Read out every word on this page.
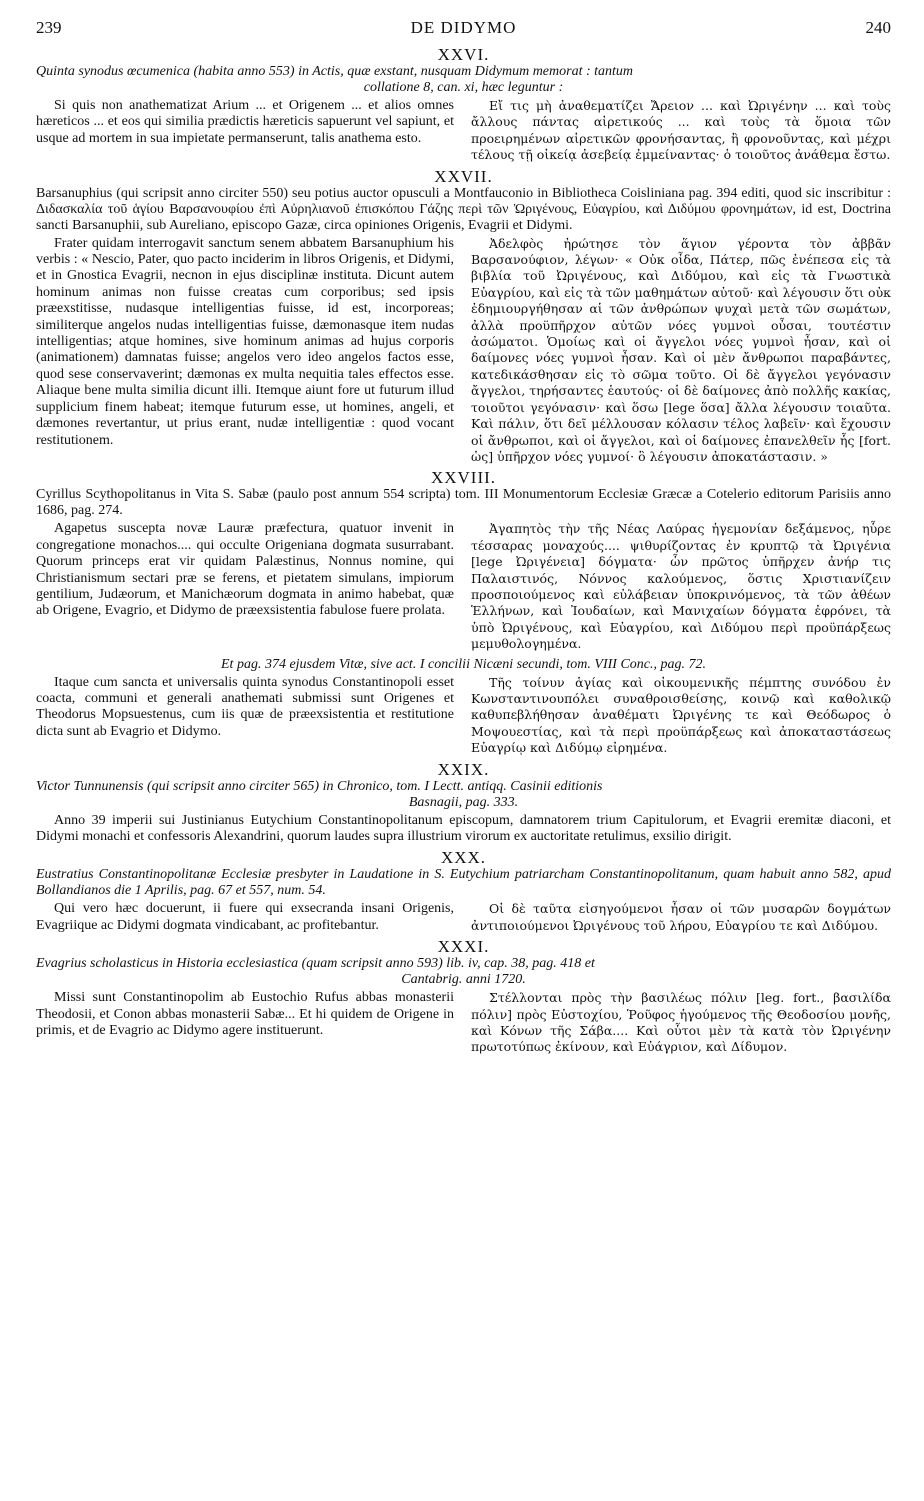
239	DE DIDYMO	240

XXVI.

Quinta synodus œcumenica (habita anno 553) in Actis, quæ exstant, nusquam Didymum memorat : tantum
collatione 8, can. xi, hæc leguntur :

Si quis non anathematizat Arium ... et Origenem ... et alios omnes hæreticos ... et eos qui similia prædictis hæreticis sapuerunt vel sapiunt, et usque ad mortem in sua impietate permanserunt, talis anathema esto.

Εἴ τις μὴ ἀναθεματίζει Ἄρειον ... καὶ Ὠριγένην ... καὶ τοὺς ἄλλους πάντας αἱρετικούς ... καὶ τοὺς τὰ ὅμοια τῶν προειρημένων αἱρετικῶν φρονήσαντας, ἢ φρονοῦντας, καὶ μέχρι τέλους τῇ οἰκείᾳ ἀσεβείᾳ ἐμμείναντας· ὁ τοιοῦτος ἀνάθεμα ἔστω.

XXVII.

Barsanuphius (qui scripsit anno circiter 550) seu potius auctor opusculi a Montfauconio in Bibliotheca Coisliniana pag. 394 editi, quod sic inscribitur : Διδασκαλία τοῦ ἁγίου Βαρσανουφίου ἐπὶ Αὐρηλιανοῦ ἐπισκόπου Γάζης περὶ τῶν Ὠριγένους, Εὐαγρίου, καὶ Διδύμου φρονημάτων, id est, Doctrina sancti Barsanuphii, sub Aureliano, episcopo Gazæ, circa opiniones Origenis, Evagrii et Didymi.

Frater quidam interrogavit sanctum senem abbatem Barsanuphium his verbis : « Nescio, Pater, quo pacto inciderim in libros Origenis, et Didymi, et in Gnostica Evagrii, necnon in ejus disciplinæ instituta. Dicunt autem hominum animas non fuisse creatas cum corporibus; sed ipsis præexstitisse, nudasque intelligentias fuisse, id est, incorporeas; similiterque angelos nudas intelligentias fuisse, dæmonasque item nudas intelligentias; atque homines, sive hominum animas ad hujus corporis (animationem) damnatas fuisse; angelos vero ideo angelos factos esse, quod sese conservaverint; dæmonas ex multa nequitia tales effectos esse. Aliaque bene multa similia dicunt illi. Itemque aiunt fore ut futurum illud supplicium finem habeat; itemque futurum esse, ut homines, angeli, et dæmones revertantur, ut prius erant, nudæ intelligentiæ : quod vocant restitutionem.

Ἀδελφὸς ἠρώτησε τὸν ἅγιον γέροντα τὸν ἀββᾶν Βαρσανούφιον, λέγων· « Οὐκ οἶδα, Πάτερ, πῶς ἐνέπεσα εἰς τὰ βιβλία τοῦ Ὠριγένους, καὶ Διδύμου, καὶ εἰς τὰ Γνωστικὰ Εὐαγρίου, καὶ εἰς τὰ τῶν μαθημάτων αὐτοῦ· καὶ λέγουσιν ὅτι οὐκ ἐδημιουργήθησαν αἱ τῶν ἀνθρώπων ψυχαὶ μετὰ τῶν σωμάτων, ἀλλὰ προϋπῆρχον αὐτῶν νόες γυμνοὶ οὖσαι, τουτέστιν ἀσώματοι. Ὁμοίως καὶ οἱ ἄγγελοι νόες γυμνοὶ ἦσαν, καὶ οἱ δαίμονες νόες γυμνοὶ ἦσαν. Καὶ οἱ μὲν ἄνθρωποι παραβάντες, κατεδικάσθησαν εἰς τὸ σῶμα τοῦτο. Οἱ δὲ ἄγγελοι γεγόνασιν ἄγγελοι, τηρήσαντες ἑαυτούς· οἱ δὲ δαίμονες ἀπὸ πολλῆς κακίας, τοιοῦτοι γεγόνασιν· καὶ ὅσω [lege ὅσα] ἄλλα λέγουσιν τοιαῦτα. Καὶ πάλιν, ὅτι δεῖ μέλλουσαν κόλασιν τέλος λαβεῖν· καὶ ἔχουσιν οἱ ἄνθρωποι, καὶ οἱ ἄγγελοι, καὶ οἱ δαίμονες ἐπανελθεῖν ἧς [fort. ὡς] ὑπῆρχον νόες γυμνοί· ὃ λέγουσιν ἀποκατάστασιν. »

XXVIII.

Cyrillus Scythopolitanus in Vita S. Sabæ (paulo post annum 554 scripta) tom. III Monumentorum Ecclesiæ Græcæ a Cotelerio editorum Parisiis anno 1686, pag. 274.

Agapetus suscepta novæ Lauræ præfectura, quatuor invenit in congregatione monachos.... qui occulte Origeniana dogmata susurrabant. Quorum princeps erat vir quidam Palæstinus, Nonnus nomine, qui Christianismum sectari præ se ferens, et pietatem simulans, impiorum gentilium, Judæorum, et Manichæorum dogmata in animo habebat, quæ ab Origene, Evagrio, et Didymo de præexsistentia fabulose fuere prolata.

Ἀγαπητὸς τὴν τῆς Νέας Λαύρας ἡγεμονίαν δεξάμενος, ηὗρε τέσσαρας μοναχούς.... ψιθυρίζοντας ἐν κρυπτῷ τὰ Ὠριγένια [lege Ὠριγένεια] δόγματα· ὧν πρῶτος ὑπῆρχεν ἀνήρ τις Παλαιστινός, Νόννος καλούμενος, ὅστις Χριστιανίζειν προσποιούμενος καὶ εὐλάβειαν ὑποκρινόμενος, τὰ τῶν ἀθέων Ἑλλήνων, καὶ Ἰουδαίων, καὶ Μανιχαίων δόγματα ἐφρόνει, τὰ ὑπὸ Ὠριγένους, καὶ Εὐαγρίου, καὶ Διδύμου περὶ προϋπάρξεως μεμυθολογημένα.

Et pag. 374 ejusdem Vitæ, sive act. I concilii Nicæni secundi, tom. VIII Conc., pag. 72.

Itaque cum sancta et universalis quinta synodus Constantinopoli esset coacta, communi et generali anathemati submissi sunt Origenes et Theodorus Mopsuestenus, cum iis quæ de præexsistentia et restitutione dicta sunt ab Evagrio et Didymo.

Τῆς τοίνυν ἁγίας καὶ οἰκουμενικῆς πέμπτης συνόδου ἐν Κωνσταντινουπόλει συναθροισθείσης, κοινῷ καὶ καθολικῷ καθυπεβλήθησαν ἀναθέματι Ὠριγένης τε καὶ Θεόδωρος ὁ Μοψουεστίας, καὶ τὰ περὶ προϋπάρξεως καὶ ἀποκαταστάσεως Εὐαγρίῳ καὶ Διδύμῳ εἰρημένα.

XXIX.

Victor Tunnunensis (qui scripsit anno circiter 565) in Chronico, tom. I Lectt. antiqq. Casinii editionis
Basnagii, pag. 333.

Anno 39 imperii sui Justinianus Eutychium Constantinopolitanum episcopum, damnatorem trium Capitulorum, et Evagrii eremitæ diaconi, et Didymi monachi et confessoris Alexandrini, quorum laudes supra illustrium virorum ex auctoritate retulimus, exsilio dirigit.

XXX.

Eustratius Constantinopolitanæ Ecclesiæ presbyter in Laudatione in S. Eutychium patriarcham Constantinopolitanum, quam habuit anno 582, apud Bollandianos die 1 Aprilis, pag. 67 et 557, num. 54.

Qui vero hæc docuerunt, ii fuere qui exsecranda insani Origenis, Evagriique ac Didymi dogmata vindicabant, ac profitebantur.

Οἱ δὲ ταῦτα εἰσηγούμενοι ἦσαν οἱ τῶν μυσαρῶν δογμάτων ἀντιποιούμενοι Ὠριγένους τοῦ λήρου, Εὐαγρίου τε καὶ Διδύμου.

XXXI.

Evagrius scholasticus in Historia ecclesiastica (quam scripsit anno 593) lib. iv, cap. 38, pag. 418 et
Cantabrig. anni 1720.

Missi sunt Constantinopolim ab Eustochio Rufus abbas monasterii Theodosii, et Conon abbas monasterii Sabæ... Et hi quidem de Origene in primis, et de Evagrio ac Didymo agere instituerunt.

Στέλλονται πρὸς τὴν βασιλέως πόλιν [leg. fort., βασιλίδα πόλιν] πρὸς Εὐστοχίου, Ῥοῦφος ἡγούμενος τῆς Θεοδοσίου μονῆς, καὶ Κόνων τῆς Σάβα.... Καὶ οὗτοι μὲν τὰ κατὰ τὸν Ὠριγένην πρωτοτύπως ἐκίνουν, καὶ Εὐάγριον, καὶ Δίδυμον.
